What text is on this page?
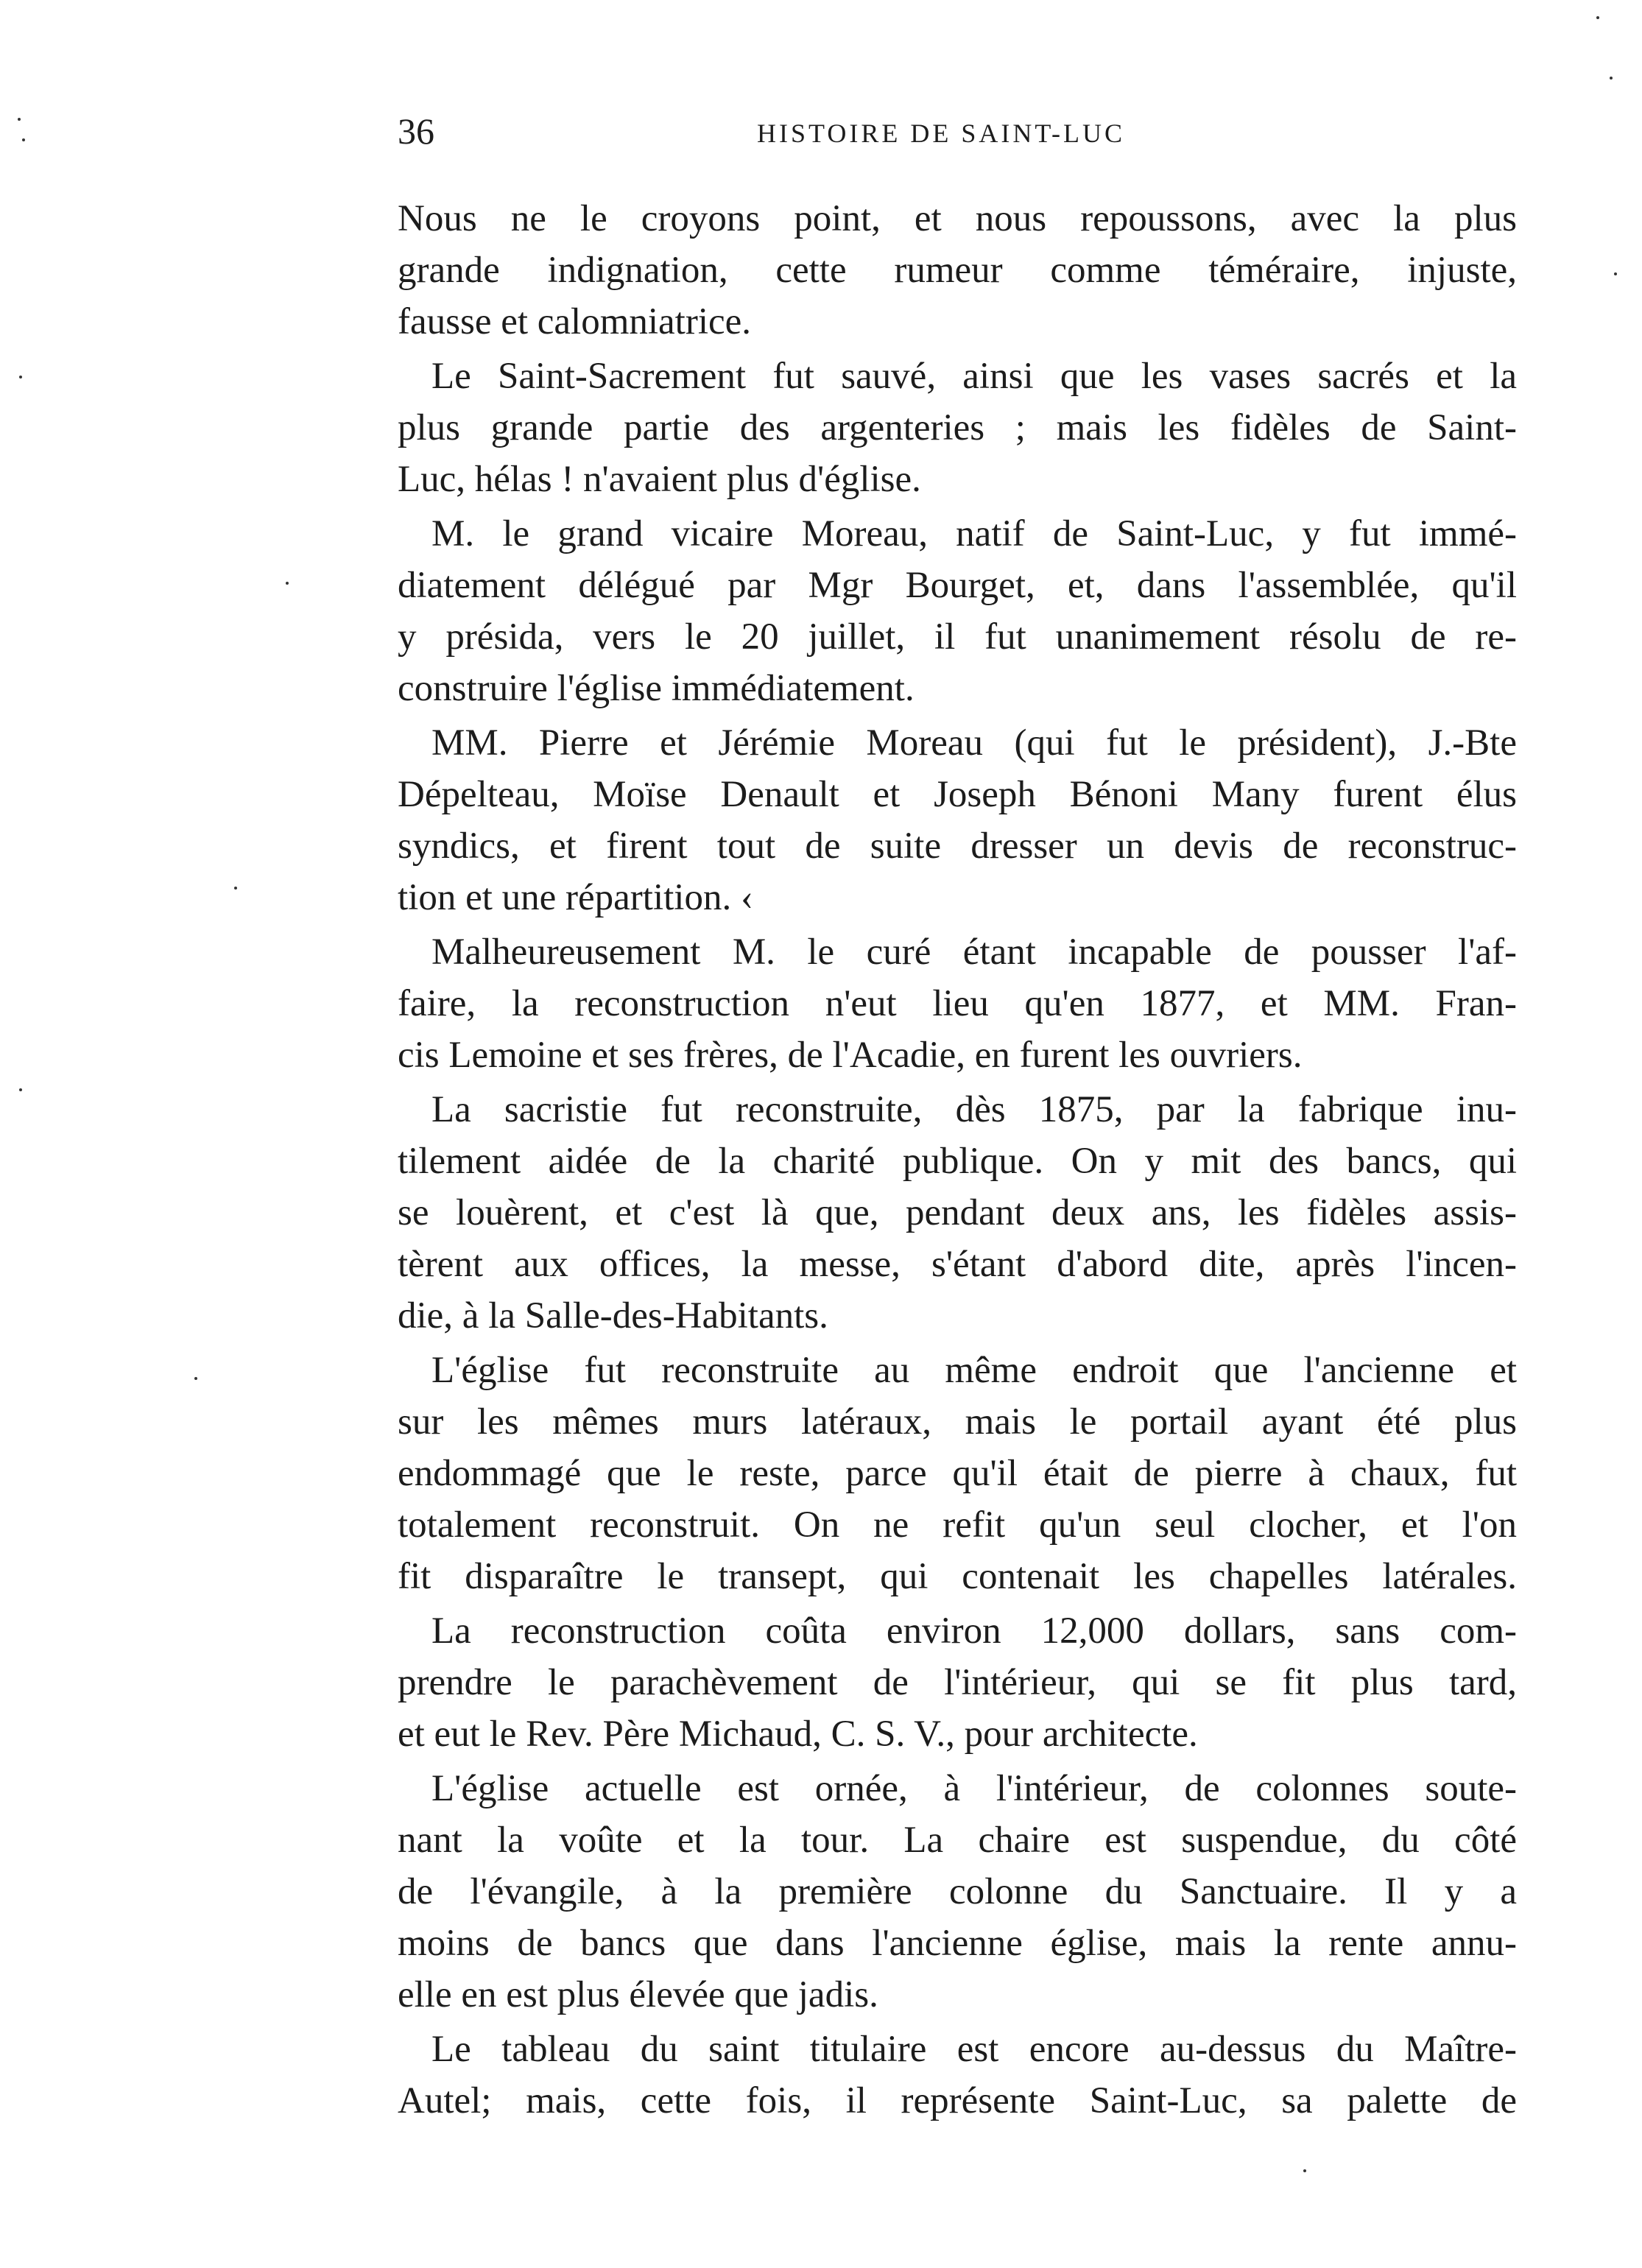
36	HISTOIRE DE SAINT-LUC

Nous ne le croyons point, et nous repoussons, avec la plus
grande indignation, cette rumeur comme téméraire, injuste,
fausse et calomniatrice.

Le Saint-Sacrement fut sauvé, ainsi que les vases sacrés et la
plus grande partie des argenteries ; mais les fidèles de Saint-
Luc, hélas ! n'avaient plus d'église.

M. le grand vicaire Moreau, natif de Saint-Luc, y fut immé-
diatement délégué par Mgr Bourget, et, dans l'assemblée, qu'il
y présida, vers le 20 juillet, il fut unanimement résolu de re-
construire l'église immédiatement.

MM. Pierre et Jérémie Moreau (qui fut le président), J.-Bte
Dépelteau, Moïse Denault et Joseph Bénoni Many furent élus
syndics, et firent tout de suite dresser un devis de reconstruc-
tion et une répartition. ‹

Malheureusement M. le curé étant incapable de pousser l'af-
faire, la reconstruction n'eut lieu qu'en 1877, et MM. Fran-
cis Lemoine et ses frères, de l'Acadie, en furent les ouvriers.

La sacristie fut reconstruite, dès 1875, par la fabrique inu-
tilement aidée de la charité publique. On y mit des bancs, qui
se louèrent, et c'est là que, pendant deux ans, les fidèles assis-
tèrent aux offices, la messe, s'étant d'abord dite, après l'incen-
die, à la Salle-des-Habitants.

L'église fut reconstruite au même endroit que l'ancienne et
sur les mêmes murs latéraux, mais le portail ayant été plus
endommagé que le reste, parce qu'il était de pierre à chaux, fut
totalement reconstruit. On ne refit qu'un seul clocher, et l'on
fit disparaître le transept, qui contenait les chapelles latérales.

La reconstruction coûta environ 12,000 dollars, sans com-
prendre le parachèvement de l'intérieur, qui se fit plus tard,
et eut le Rev. Père Michaud, C. S. V., pour architecte.

L'église actuelle est ornée, à l'intérieur, de colonnes soute-
nant la voûte et la tour. La chaire est suspendue, du côté
de l'évangile, à la première colonne du Sanctuaire. Il y a
moins de bancs que dans l'ancienne église, mais la rente annu-
elle en est plus élevée que jadis.

Le tableau du saint titulaire est encore au-dessus du Maître-
Autel; mais, cette fois, il représente Saint-Luc, sa palette de
